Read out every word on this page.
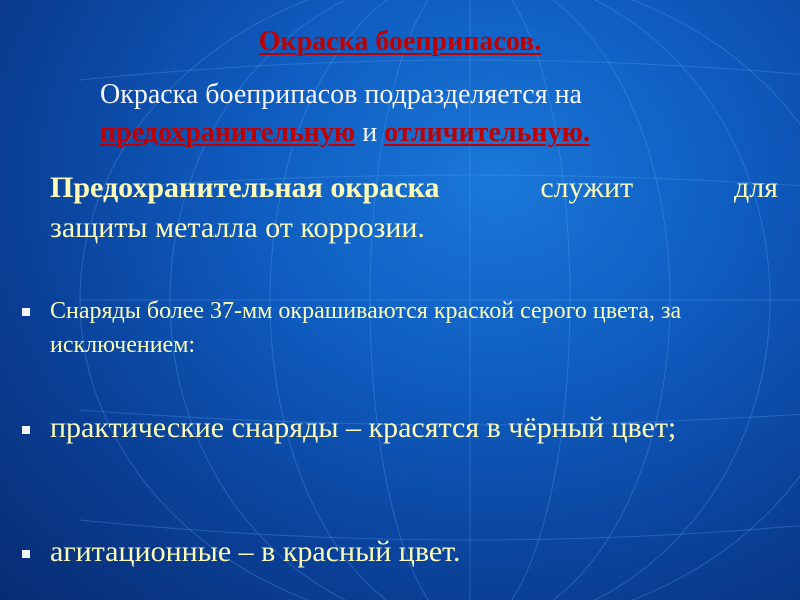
Окраска боеприпасов.
Окраска боеприпасов подразделяется на
предохранительную и отличительную.
Предохранительная окраска	служит	для
защиты металла от коррозии.
Снаряды более 37-мм окрашиваются краской серого цвета, за исключением:
практические снаряды – красятся в чёрный цвет;
агитационные – в красный цвет.
